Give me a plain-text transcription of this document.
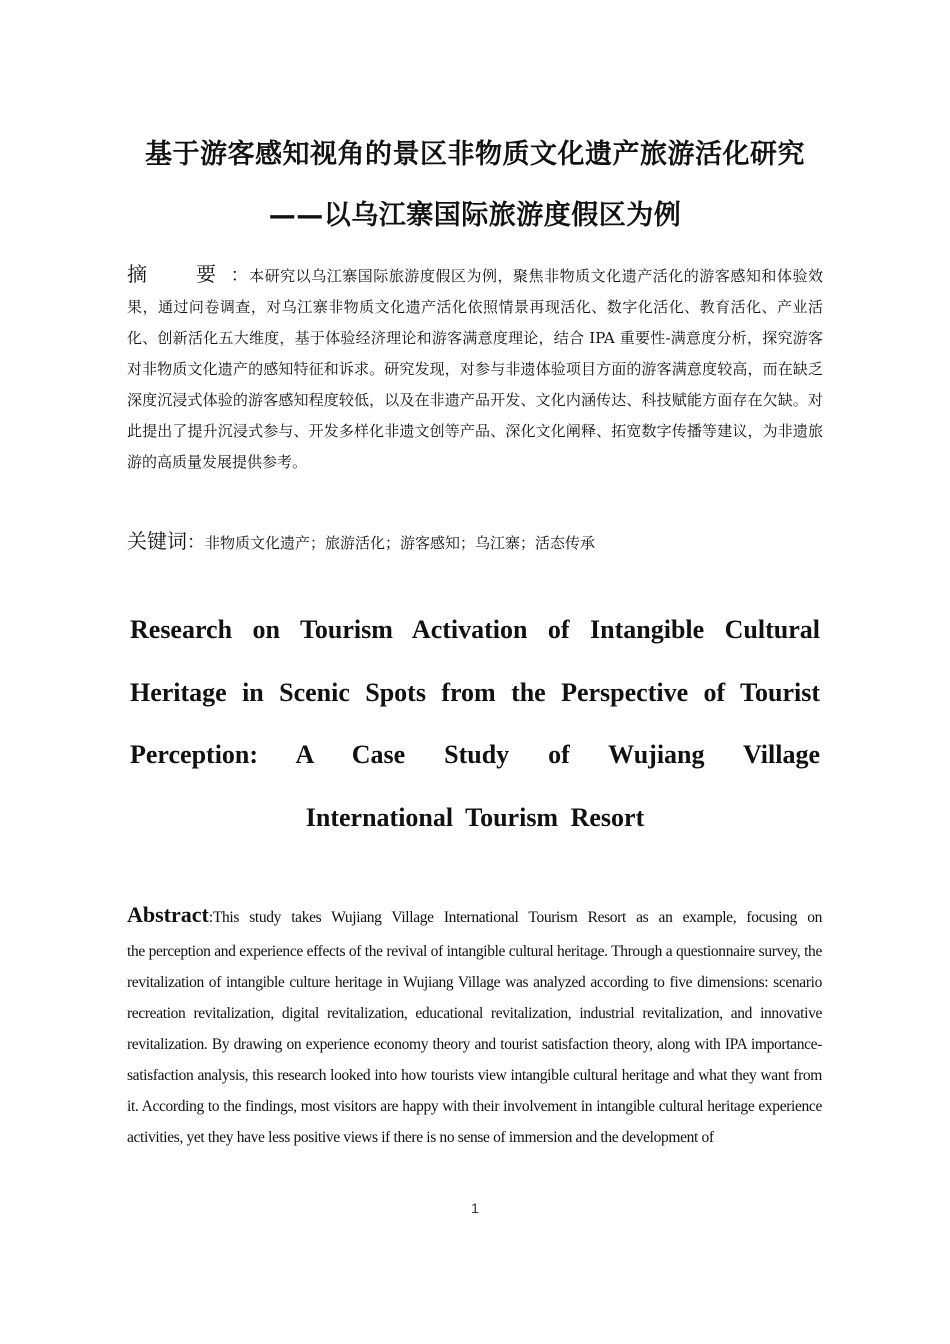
基于游客感知视角的景区非物质文化遗产旅游活化研究
——以乌江寨国际旅游度假区为例
摘　要：本研究以乌江寨国际旅游度假区为例，聚焦非物质文化遗产活化的游客感知和体验效果，通过问卷调查，对乌江寨非物质文化遗产活化依照情景再现活化、数字化活化、教育活化、产业活化、创新活化五大维度，基于体验经济理论和游客满意度理论，结合 IPA 重要性-满意度分析，探究游客对非物质文化遗产的感知特征和诉求。研究发现，对参与非遗体验项目方面的游客满意度较高，而在缺乏深度沉浸式体验的游客感知程度较低，以及在非遗产品开发、文化内涵传达、科技赋能方面存在欠缺。对此提出了提升沉浸式参与、开发多样化非遗文创等产品、深化文化阐释、拓宽数字传播等建议，为非遗旅游的高质量发展提供参考。
关键词：非物质文化遗产；旅游活化；游客感知；乌江寨；活态传承
Research on Tourism Activation of Intangible Cultural Heritage in Scenic Spots from the Perspective of Tourist Perception: A Case Study of Wujiang Village International Tourism Resort
Abstract:This study takes Wujiang Village International Tourism Resort as an example, focusing on
the perception and experience effects of the revival of intangible cultural heritage. Through a questionnaire survey, the revitalization of intangible culture heritage in Wujiang Village was analyzed according to five dimensions: scenario recreation revitalization, digital revitalization, educational revitalization, industrial revitalization, and innovative revitalization. By drawing on experience economy theory and tourist satisfaction theory, along with IPA importance-satisfaction analysis, this research looked into how tourists view intangible cultural heritage and what they want from it. According to the findings, most visitors are happy with their involvement in intangible cultural heritage experience activities, yet they have less positive views if there is no sense of immersion and the development of
1
